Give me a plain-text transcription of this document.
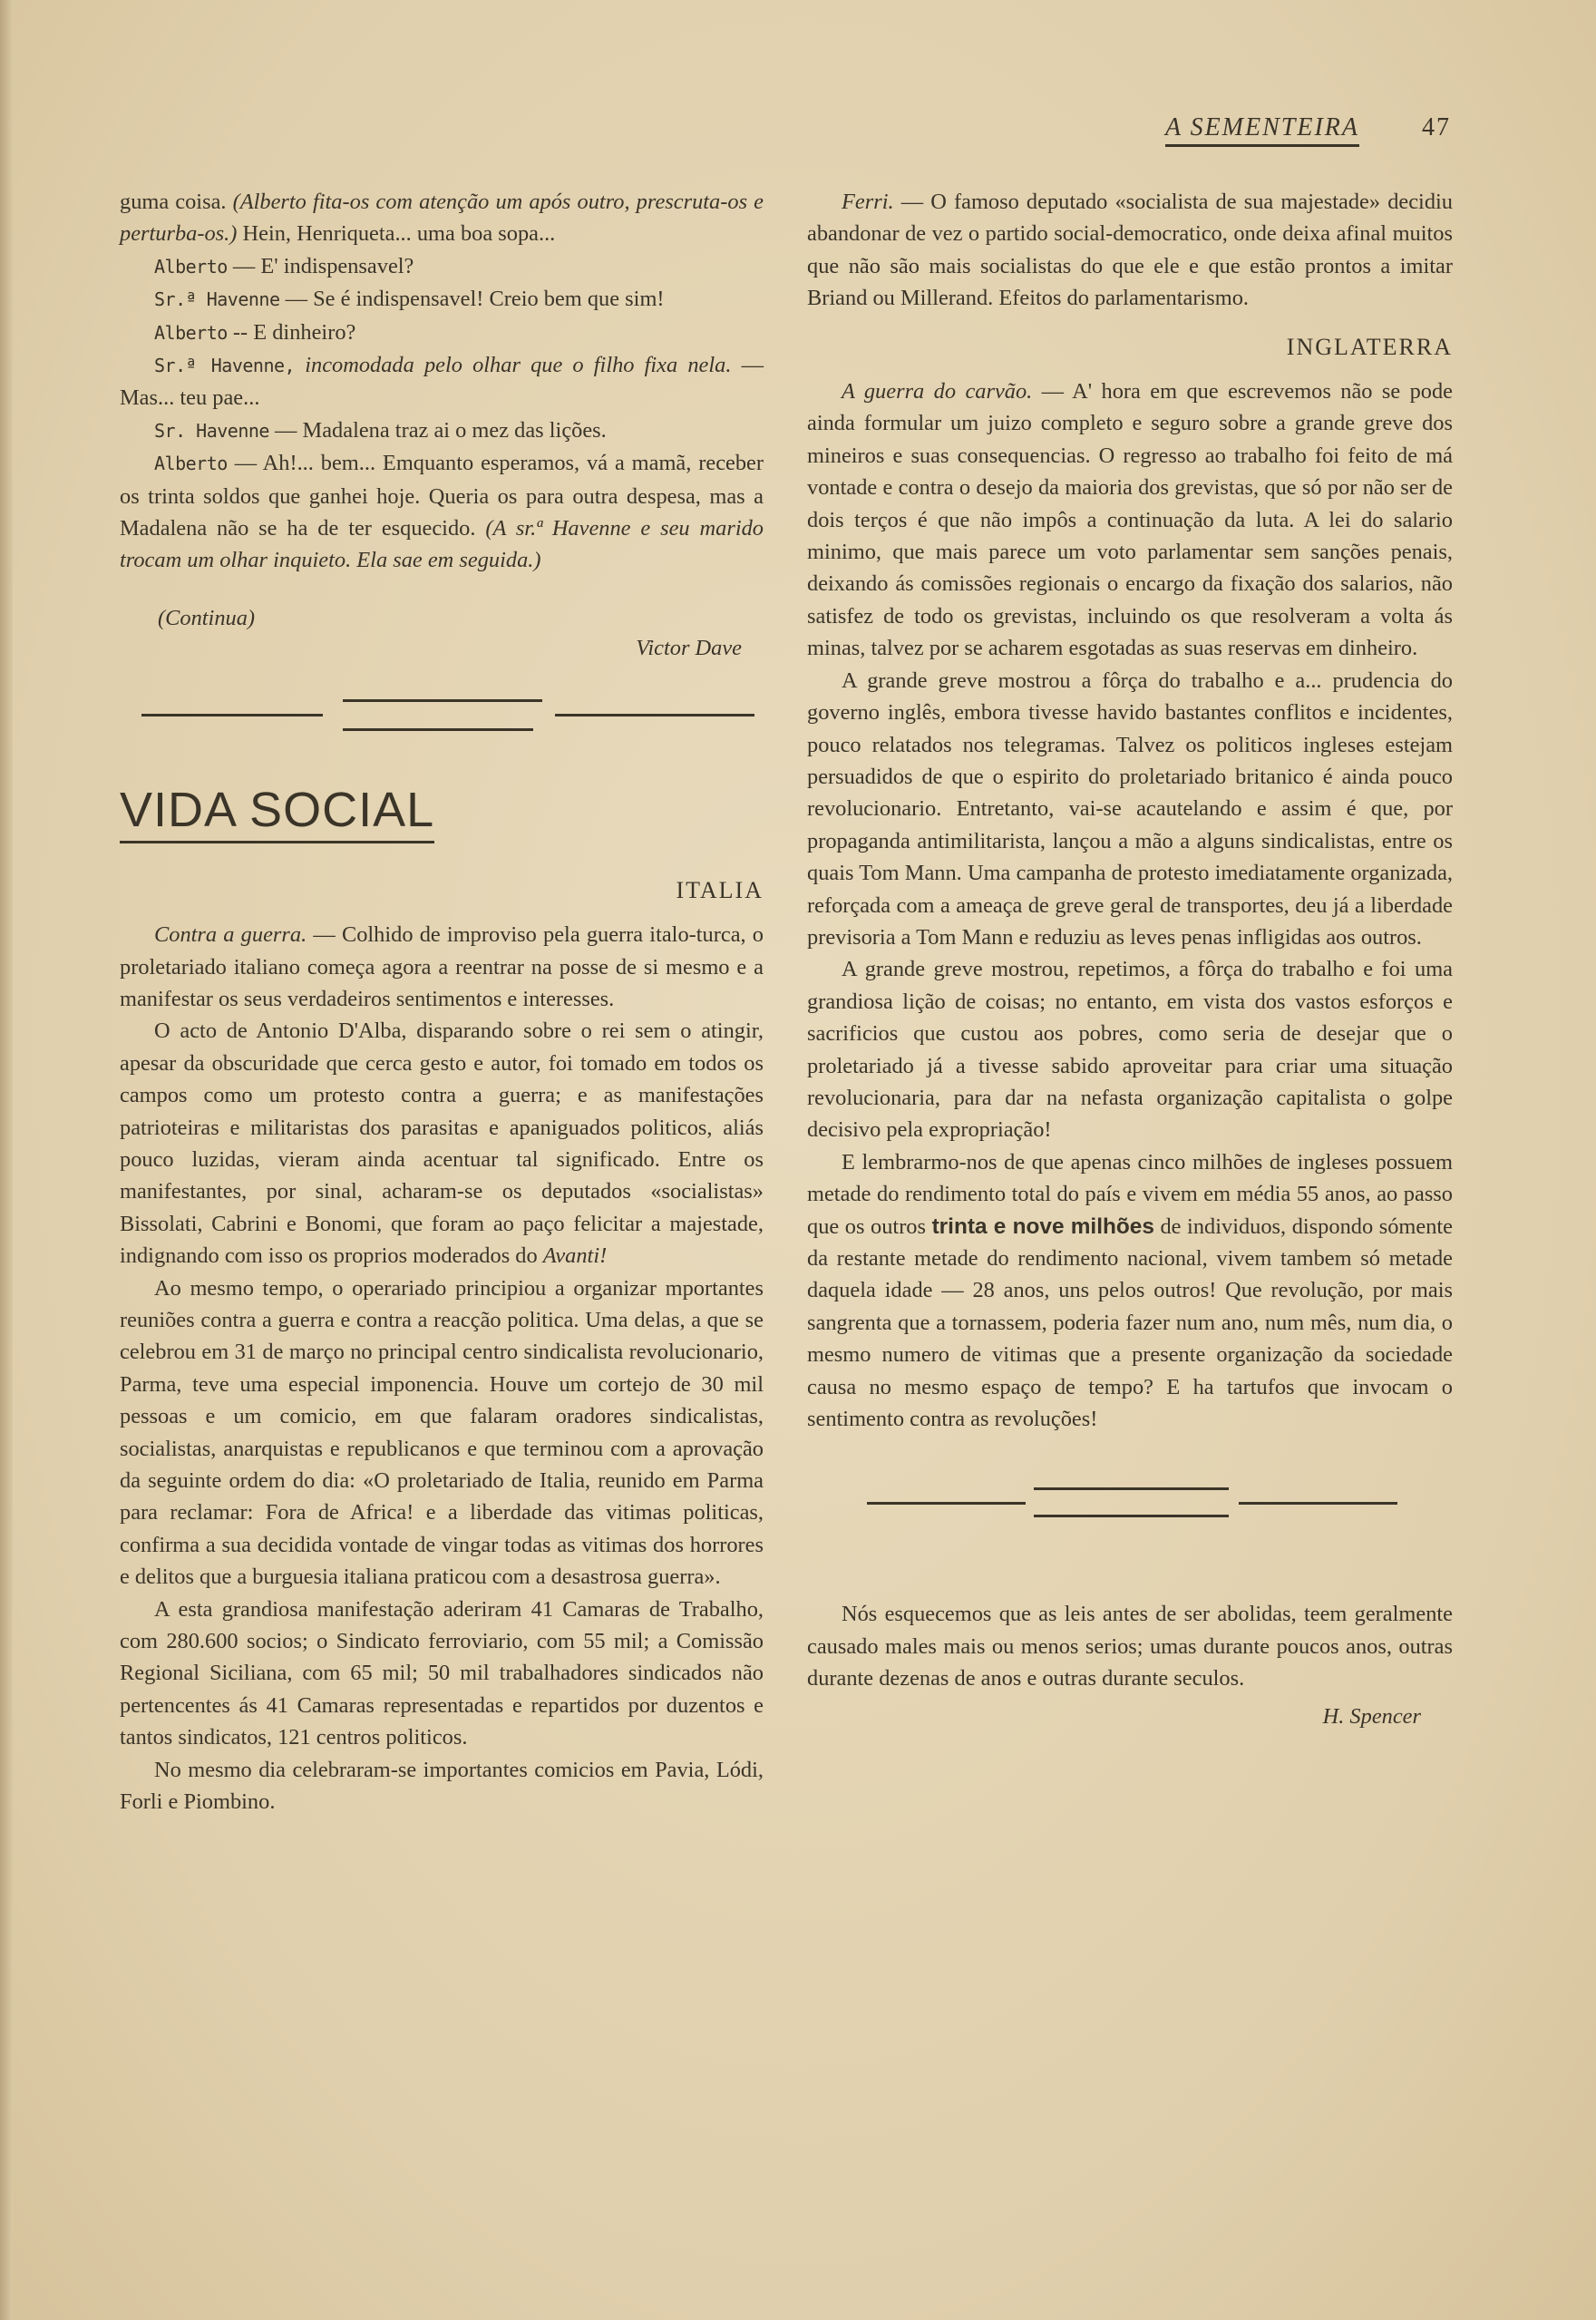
A SEMENTEIRA 47

guma coisa. (Alberto fita-os com atenção um após outro, prescruta-os e perturba-os.) Hein, Henriqueta... uma boa sopa...

Alberto — E' indispensavel?

Sr.ª Havenne — Se é indispensavel! Creio bem que sim!

Alberto -- E dinheiro?

Sr.ª Havenne, incomodada pelo olhar que o filho fixa nela. — Mas... teu pae...

Sr. Havenne — Madalena traz ai o mez das lições.

Alberto — Ah!... bem... Emquanto esperamos, vá a mamã, receber os trinta soldos que ganhei hoje. Queria os para outra despesa, mas a Madalena não se ha de ter esquecido. (A sr.ª Havenne e seu marido trocam um olhar inquieto. Ela sae em seguida.)

(Continua)

Victor Dave

VIDA SOCIAL

ITALIA

Contra a guerra. — Colhido de improviso pela guerra italo-turca, o proletariado italiano começa agora a reentrar na posse de si mesmo e a manifestar os seus verdadeiros sentimentos e interesses.

O acto de Antonio D'Alba, disparando sobre o rei sem o atingir, apesar da obscuridade que cerca gesto e autor, foi tomado em todos os campos como um protesto contra a guerra; e as manifestações patrioteiras e militaristas dos parasitas e apaniguados politicos, aliás pouco luzidas, vieram ainda acentuar tal significado. Entre os manifestantes, por sinal, acharam-se os deputados «socialistas» Bissolati, Cabrini e Bonomi, que foram ao paço felicitar a majestade, indignando com isso os proprios moderados do Avanti!

Ao mesmo tempo, o operariado principiou a organizar mportantes reuniões contra a guerra e contra a reacção politica. Uma delas, a que se celebrou em 31 de março no principal centro sindicalista revolucionario, Parma, teve uma especial imponencia. Houve um cortejo de 30 mil pessoas e um comicio, em que falaram oradores sindicalistas, socialistas, anarquistas e republicanos e que terminou com a aprovação da seguinte ordem do dia: «O proletariado de Italia, reunido em Parma para reclamar: Fora de Africa! e a liberdade das vitimas politicas, confirma a sua decidida vontade de vingar todas as vitimas dos horrores e delitos que a burguesia italiana praticou com a desastrosa guerra».

A esta grandiosa manifestação aderiram 41 Camaras de Trabalho, com 280.600 socios; o Sindicato ferroviario, com 55 mil; a Comissão Regional Siciliana, com 65 mil; 50 mil trabalhadores sindicados não pertencentes ás 41 Camaras representadas e repartidos por duzentos e tantos sindicatos, 121 centros politicos.

No mesmo dia celebraram-se importantes comicios em Pavia, Lódi, Forli e Piombino.

Ferri. — O famoso deputado «socialista de sua majestade» decidiu abandonar de vez o partido social-democratico, onde deixa afinal muitos que não são mais socialistas do que ele e que estão prontos a imitar Briand ou Millerand. Efeitos do parlamentarismo.

INGLATERRA

A guerra do carvão. — A' hora em que escrevemos não se pode ainda formular um juizo completo e seguro sobre a grande greve dos mineiros e suas consequencias. O regresso ao trabalho foi feito de má vontade e contra o desejo da maioria dos grevistas, que só por não ser de dois terços é que não impôs a continuação da luta. A lei do salario minimo, que mais parece um voto parlamentar sem sanções penais, deixando ás comissões regionais o encargo da fixação dos salarios, não satisfez de todo os grevistas, incluindo os que resolveram a volta ás minas, talvez por se acharem esgotadas as suas reservas em dinheiro.

A grande greve mostrou a fôrça do trabalho e a... prudencia do governo inglês, embora tivesse havido bastantes conflitos e incidentes, pouco relatados nos telegramas. Talvez os politicos ingleses estejam persuadidos de que o espirito do proletariado britanico é ainda pouco revolucionario. Entretanto, vai-se acautelando e assim é que, por propaganda antimilitarista, lançou a mão a alguns sindicalistas, entre os quais Tom Mann. Uma campanha de protesto imediatamente organizada, reforçada com a ameaça de greve geral de transportes, deu já a liberdade previsoria a Tom Mann e reduziu as leves penas infligidas aos outros.

A grande greve mostrou, repetimos, a fôrça do trabalho e foi uma grandiosa lição de coisas; no entanto, em vista dos vastos esforços e sacrificios que custou aos pobres, como seria de desejar que o proletariado já a tivesse sabido aproveitar para criar uma situação revolucionaria, para dar na nefasta organização capitalista o golpe decisivo pela expropriação!

E lembrarmo-nos de que apenas cinco milhões de ingleses possuem metade do rendimento total do país e vivem em média 55 anos, ao passo que os outros trinta e nove milhões de individuos, dispondo sómente da restante metade do rendimento nacional, vivem tambem só metade daquela idade — 28 anos, uns pelos outros! Que revolução, por mais sangrenta que a tornassem, poderia fazer num ano, num mês, num dia, o mesmo numero de vitimas que a presente organização da sociedade causa no mesmo espaço de tempo? E ha tartufos que invocam o sentimento contra as revoluções!

Nós esquecemos que as leis antes de ser abolidas, teem geralmente causado males mais ou menos serios; umas durante poucos anos, outras durante dezenas de anos e outras durante seculos.

H. Spencer
